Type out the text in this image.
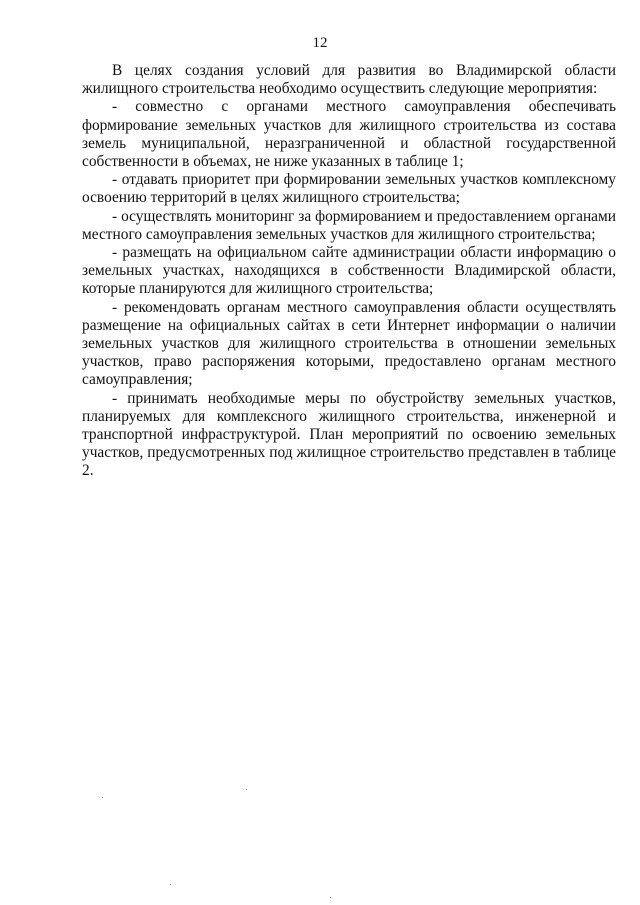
12

В целях создания условий для развития во Владимирской области жилищного строительства необходимо осуществить следующие мероприятия:

- совместно с органами местного самоуправления обеспечивать формирование земельных участков для жилищного строительства из состава земель муниципальной, неразграниченной и областной государственной собственности в объемах, не ниже указанных в таблице 1;

- отдавать приоритет при формировании земельных участков комплексному освоению территорий в целях жилищного строительства;

- осуществлять мониторинг за формированием и предоставлением органами местного самоуправления земельных участков для жилищного строительства;

- размещать на официальном сайте администрации области информацию о земельных участках, находящихся в собственности Владимирской области, которые планируются для жилищного строительства;

- рекомендовать органам местного самоуправления области осуществлять размещение на официальных сайтах в сети Интернет информации о наличии земельных участков для жилищного строительства в отношении земельных участков, право распоряжения которыми, предоставлено органам местного самоуправления;

- принимать необходимые меры по обустройству земельных участков, планируемых для комплексного жилищного строительства, инженерной и транспортной инфраструктурой. План мероприятий по освоению земельных участков, предусмотренных под жилищное строительство представлен в таблице 2.
